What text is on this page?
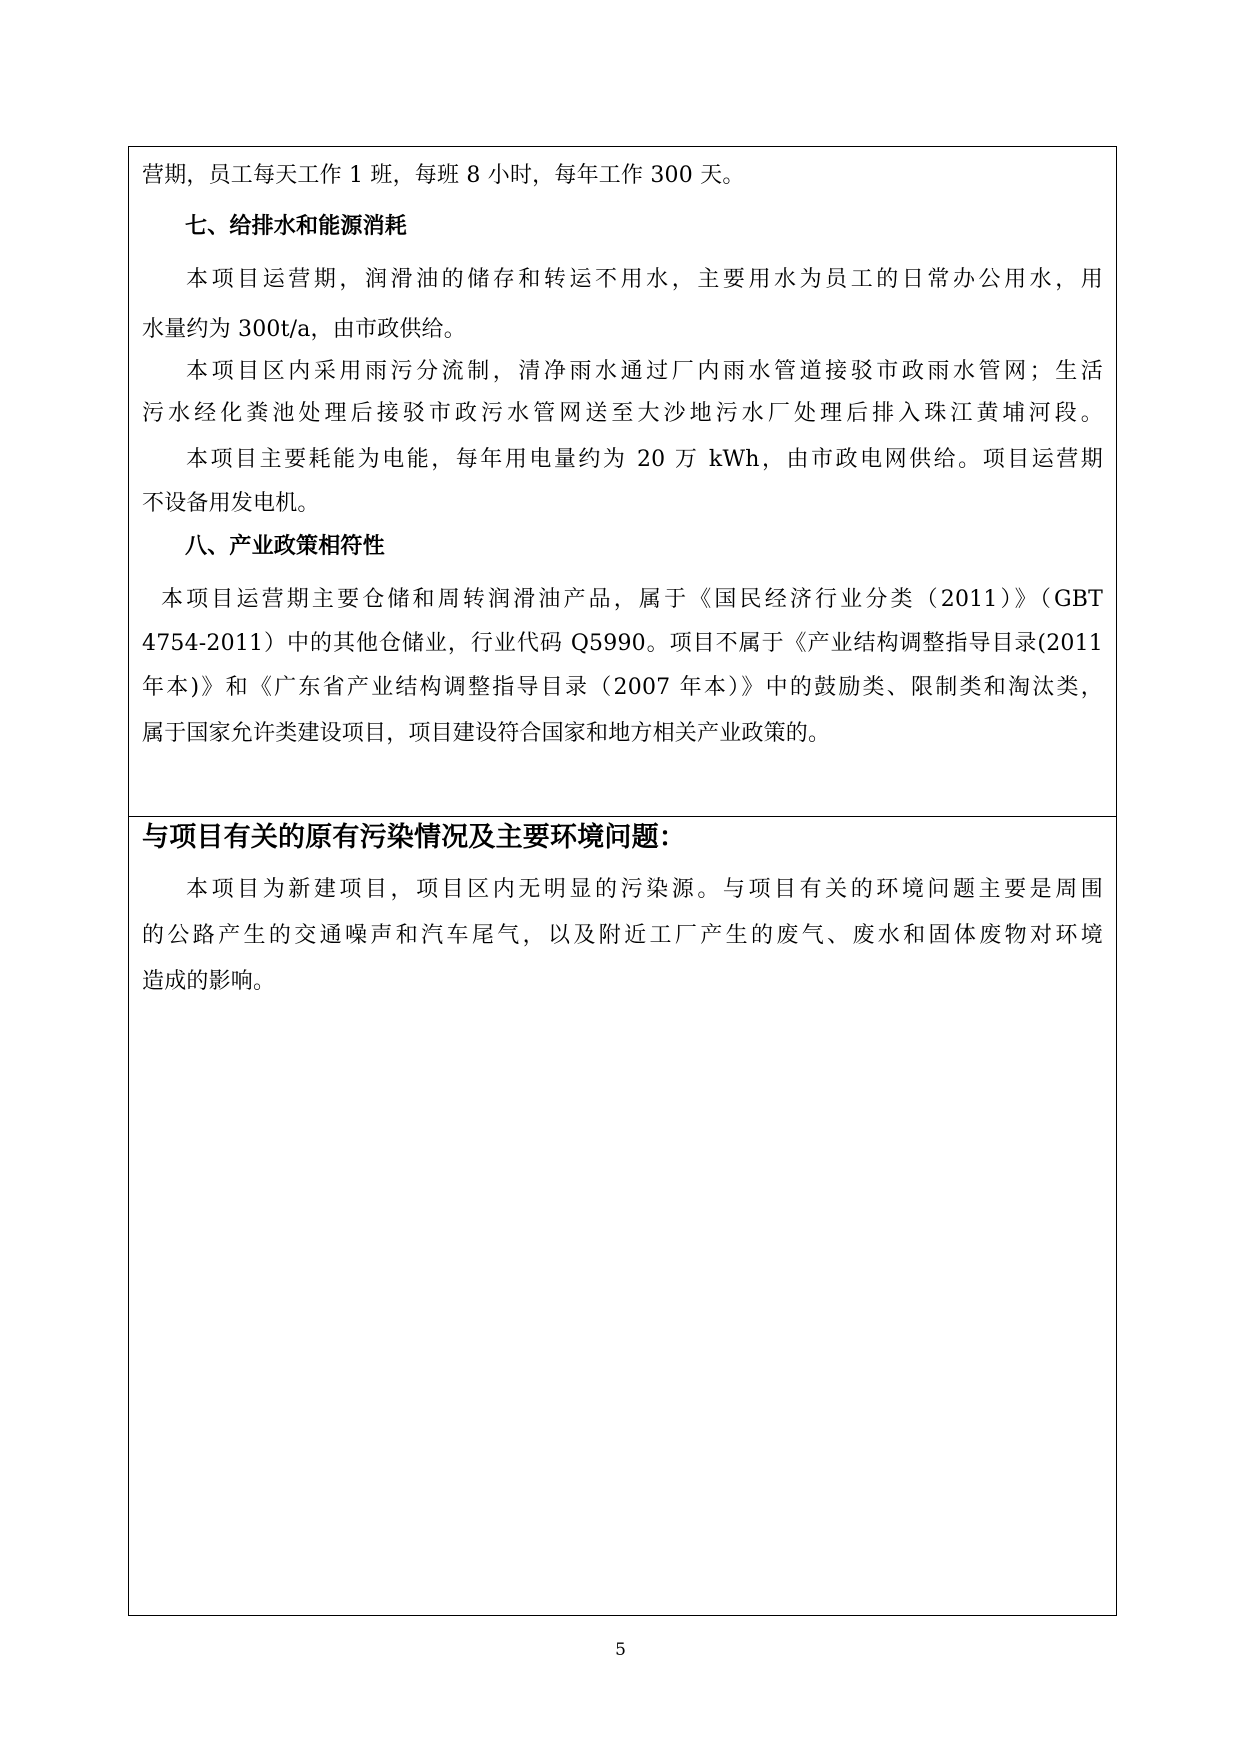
营期，员工每天工作 1 班，每班 8 小时，每年工作 300 天。
七、给排水和能源消耗
本项目运营期，润滑油的储存和转运不用水，主要用水为员工的日常办公用水，用
水量约为 300t/a，由市政供给。
本项目区内采用雨污分流制，清净雨水通过厂内雨水管道接驳市政雨水管网；生活
污水经化粪池处理后接驳市政污水管网送至大沙地污水厂处理后排入珠江黄埔河段。
本项目主要耗能为电能，每年用电量约为 20 万 kWh，由市政电网供给。项目运营期
不设备用发电机。
八、产业政策相符性
本项目运营期主要仓储和周转润滑油产品，属于《国民经济行业分类（2011）》（GBT
4754-2011）中的其他仓储业，行业代码 Q5990。项目不属于《产业结构调整指导目录(2011
年本)》和《广东省产业结构调整指导目录（2007 年本）》中的鼓励类、限制类和淘汰类，
属于国家允许类建设项目，项目建设符合国家和地方相关产业政策的。
与项目有关的原有污染情况及主要环境问题：
本项目为新建项目，项目区内无明显的污染源。与项目有关的环境问题主要是周围
的公路产生的交通噪声和汽车尾气，以及附近工厂产生的废气、废水和固体废物对环境
造成的影响。
5
